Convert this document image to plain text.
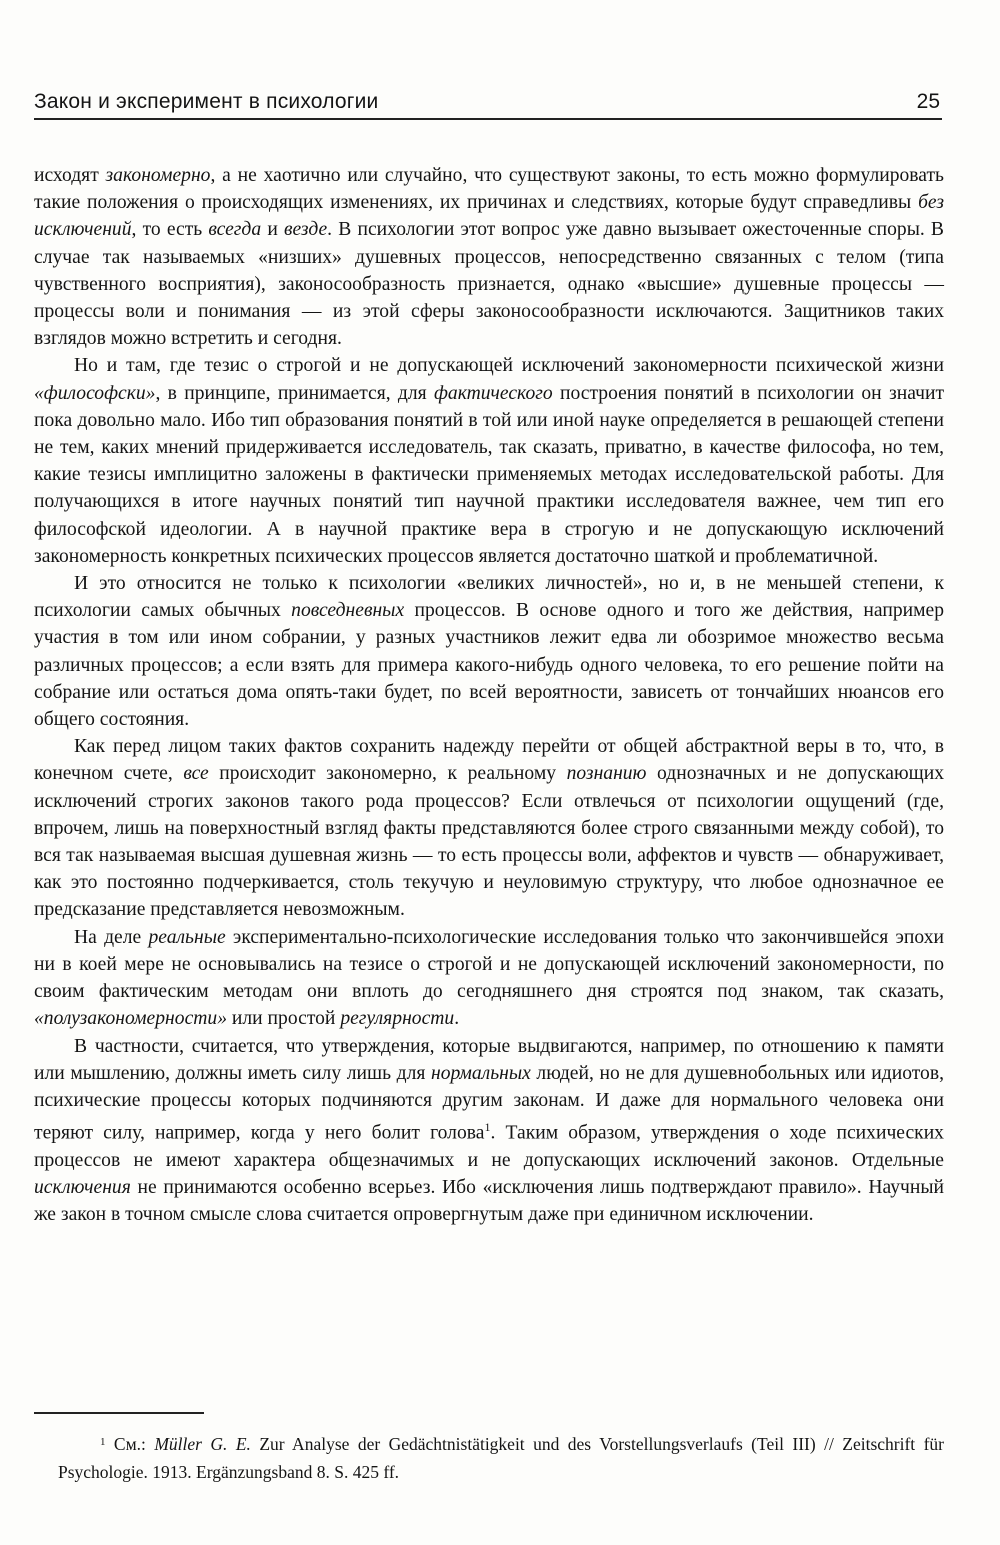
Закон и эксперимент в психологии	25

исходят закономерно, а не хаотично или случайно, что существуют законы, то есть можно формулировать такие положения о происходящих изменениях, их причинах и следствиях, которые будут справедливы без исключений, то есть всегда и везде. В психологии этот вопрос уже давно вызывает ожесточенные споры. В случае так называемых «низших» душевных процессов, непосредственно связанных с телом (типа чувственного восприятия), законосообразность признается, однако «высшие» душевные процессы — процессы воли и понимания — из этой сферы законосообразности исключаются. Защитников таких взглядов можно встретить и сегодня.

Но и там, где тезис о строгой и не допускающей исключений закономерности психической жизни «философски», в принципе, принимается, для фактического построения понятий в психологии он значит пока довольно мало. Ибо тип образования понятий в той или иной науке определяется в решающей степени не тем, каких мнений придерживается исследователь, так сказать, приватно, в качестве философа, но тем, какие тезисы имплицитно заложены в фактически применяемых методах исследовательской работы. Для получающихся в итоге научных понятий тип научной практики исследователя важнее, чем тип его философской идеологии. А в научной практике вера в строгую и не допускающую исключений закономерность конкретных психических процессов является достаточно шаткой и проблематичной.

И это относится не только к психологии «великих личностей», но и, в не меньшей степени, к психологии самых обычных повседневных процессов. В основе одного и того же действия, например участия в том или ином собрании, у разных участников лежит едва ли обозримое множество весьма различных процессов; а если взять для примера какого-нибудь одного человека, то его решение пойти на собрание или остаться дома опять-таки будет, по всей вероятности, зависеть от тончайших нюансов его общего состояния.

Как перед лицом таких фактов сохранить надежду перейти от общей абстрактной веры в то, что, в конечном счете, все происходит закономерно, к реальному познанию однозначных и не допускающих исключений строгих законов такого рода процессов? Если отвлечься от психологии ощущений (где, впрочем, лишь на поверхностный взгляд факты представляются более строго связанными между собой), то вся так называемая высшая душевная жизнь — то есть процессы воли, аффектов и чувств — обнаруживает, как это постоянно подчеркивается, столь текучую и неуловимую структуру, что любое однозначное ее предсказание представляется невозможным.

На деле реальные экспериментально-психологические исследования только что закончившейся эпохи ни в коей мере не основывались на тезисе о строгой и не допускающей исключений закономерности, по своим фактическим методам они вплоть до сегодняшнего дня строятся под знаком, так сказать, «полузакономерности» или простой регулярности.

В частности, считается, что утверждения, которые выдвигаются, например, по отношению к памяти или мышлению, должны иметь силу лишь для нормальных людей, но не для душевнобольных или идиотов, психические процессы которых подчиняются другим законам. И даже для нормального человека они теряют силу, например, когда у него болит голова$^1$. Таким образом, утверждения о ходе психических процессов не имеют характера общезначимых и не допускающих исключений законов. Отдельные исключения не принимаются особенно всерьез. Ибо «исключения лишь подтверждают правило». Научный же закон в точном смысле слова считается опровергнутым даже при единичном исключении.

$^1$ См.: Müller G. E. Zur Analyse der Gedächtnistätigkeit und des Vorstellungsverlaufs (Teil III) // Zeitschrift für Psychologie. 1913. Ergänzungsband 8. S. 425 ff.
